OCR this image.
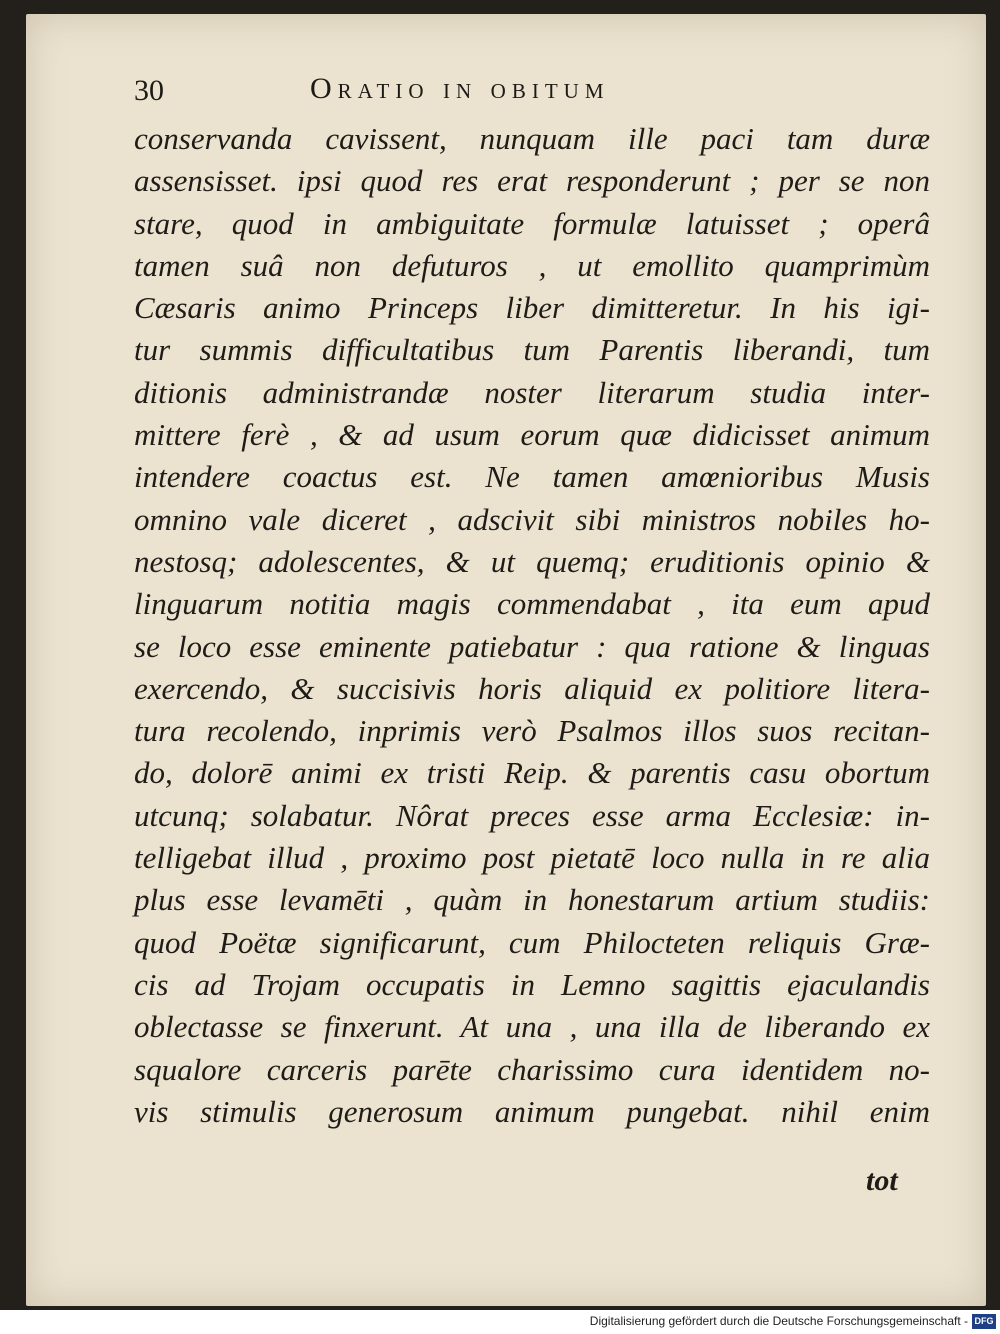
30	Oratio in obitum
conservanda cavissent, nunquam ille paci tam duræ
assensisset. ipsi quod res erat responderunt ; per se non
stare, quod in ambiguitate formulæ latuisset ; operâ
tamen suâ non defuturos , ut emollito quamprimùm
Cæsaris animo Princeps liber dimitteretur. In his igi-
tur summis difficultatibus tum Parentis liberandi, tum
ditionis administrandæ noster literarum studia inter-
mittere ferè , & ad usum eorum quæ didicisset animum
intendere coactus est. Ne tamen amœnioribus Musis
omnino vale diceret , adscivit sibi ministros nobiles ho-
nestosq; adolescentes, & ut quemq; eruditionis opinio &
linguarum notitia magis commendabat , ita eum apud
se loco esse eminente patiebatur : qua ratione & linguas
exercendo, & succisivis horis aliquid ex politiore litera-
tura recolendo, inprimis verò Psalmos illos suos recitan-
do, dolorē animi ex tristi Reip. & parentis casu obortum
utcunq; solabatur. Nôrat preces esse arma Ecclesiæ: in-
telligebat illud , proximo post pietatē loco nulla in re alia
plus esse levamēti , quàm in honestarum artium studiis:
quod Poëtæ significarunt, cum Philocteten reliquis Græ-
cis ad Trojam occupatis in Lemno sagittis ejaculandis
oblectasse se finxerunt. At una , una illa de liberando ex
squalore carceris parēte charissimo cura identidem no-
vis stimulis generosum animum pungebat. nihil enim
tot
Digitalisierung gefördert durch die Deutsche Forschungsgemeinschaft - DFG
